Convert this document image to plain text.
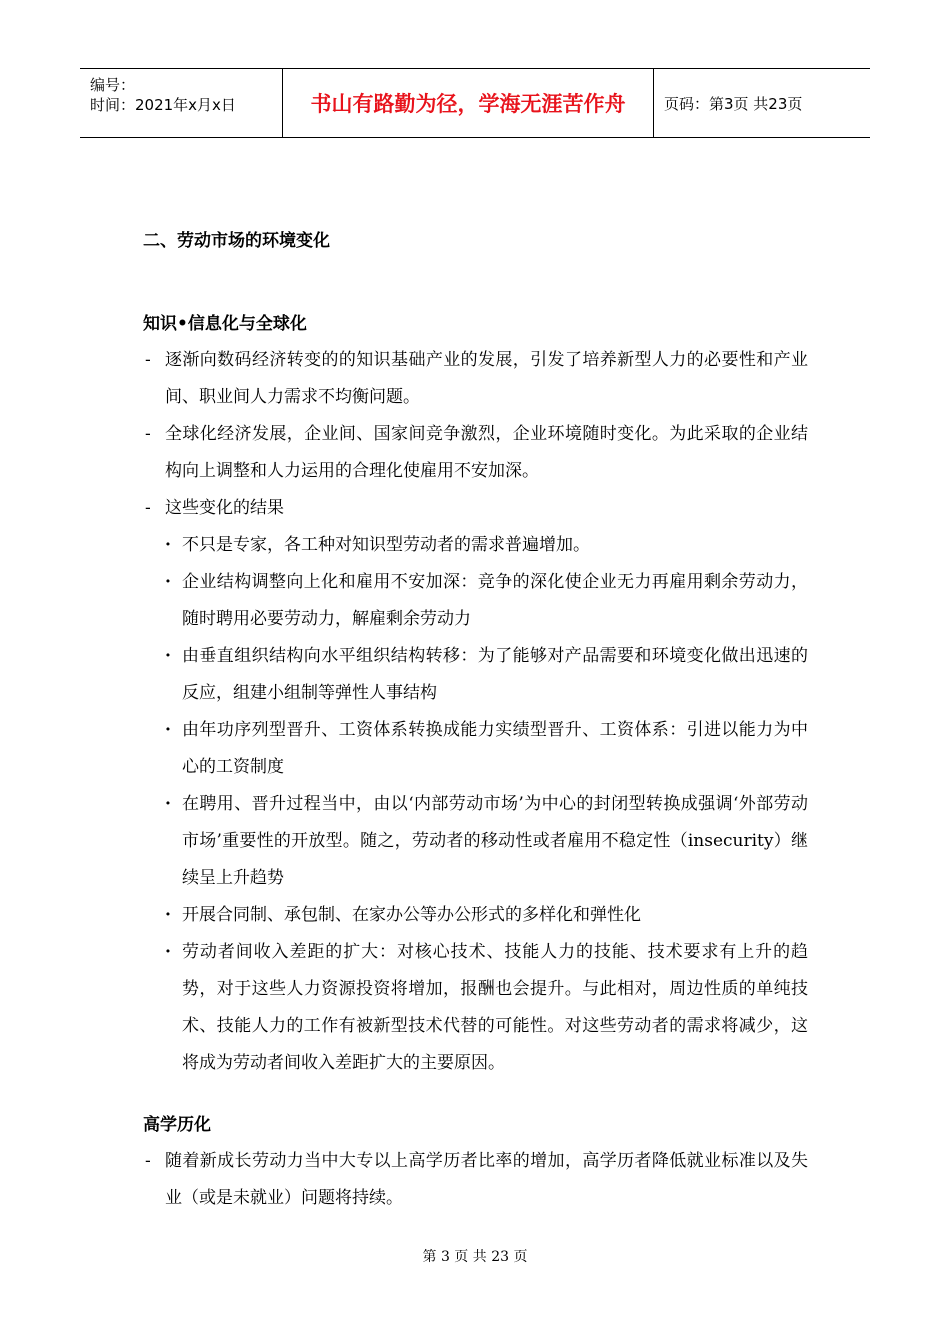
编号：
时间：2021年x月x日	书山有路勤为径，学海无涯苦作舟	页码：第3页 共23页
二、劳动市场的环境变化
知识•信息化与全球化
- 逐渐向数码经济转变的的知识基础产业的发展，引发了培养新型人力的必要性和产业间、职业间人力需求不均衡问题。
- 全球化经济发展，企业间、国家间竞争激烈，企业环境随时变化。为此采取的企业结构向上调整和人力运用的合理化使雇用不安加深。
- 这些变化的结果
· 不只是专家，各工种对知识型劳动者的需求普遍增加。
· 企业结构调整向上化和雇用不安加深：竞争的深化使企业无力再雇用剩余劳动力，随时聘用必要劳动力，解雇剩余劳动力
· 由垂直组织结构向水平组织结构转移：为了能够对产品需要和环境变化做出迅速的反应，组建小组制等弹性人事结构
· 由年功序列型晋升、工资体系转换成能力实绩型晋升、工资体系：引进以能力为中心的工资制度
· 在聘用、晋升过程当中，由以‘内部劳动市场’为中心的封闭型转换成强调‘外部劳动市场’重要性的开放型。随之，劳动者的移动性或者雇用不稳定性（insecurity）继续呈上升趋势
· 开展合同制、承包制、在家办公等办公形式的多样化和弹性化
· 劳动者间收入差距的扩大：对核心技术、技能人力的技能、技术要求有上升的趋势，对于这些人力资源投资将增加，报酬也会提升。与此相对，周边性质的单纯技术、技能人力的工作有被新型技术代替的可能性。对这些劳动者的需求将减少，这将成为劳动者间收入差距扩大的主要原因。
高学历化
- 随着新成长劳动力当中大专以上高学历者比率的增加，高学历者降低就业标准以及失业（或是未就业）问题将持续。
第 3 页 共 23 页
